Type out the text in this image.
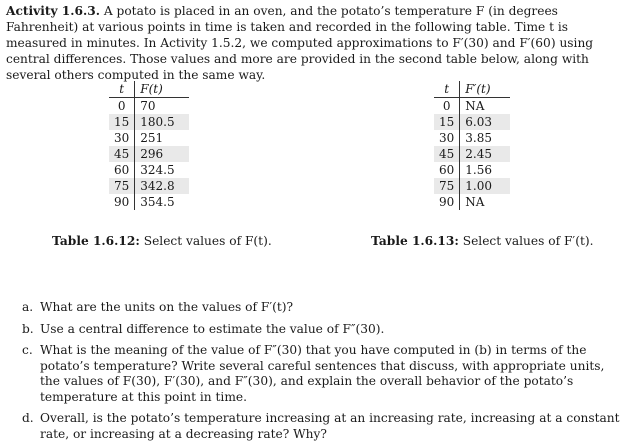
Activity 1.6.3. A potato is placed in an oven, and the potato’s temperature F (in degrees Fahrenheit) at various points in time is taken and recorded in the following table. Time t is measured in minutes. In Activity 1.5.2, we computed approximations to F′(30) and F′(60) using central differences. Those values and more are provided in the second table below, along with several others computed in the same way.
t	F(t)
0	70
15	180.5
30	251
45	296
60	324.5
75	342.8
90	354.5
t	F′(t)
0	NA
15	6.03
30	3.85
45	2.45
60	1.56
75	1.00
90	NA
Table 1.6.12: Select values of F(t).	Table 1.6.13: Select values of F′(t).
a. What are the units on the values of F′(t)?
b. Use a central difference to estimate the value of F″(30).
c. What is the meaning of the value of F″(30) that you have computed in (b) in terms of the potato’s temperature? Write several careful sentences that discuss, with appropriate units, the values of F(30), F′(30), and F″(30), and explain the overall behavior of the potato’s temperature at this point in time.
d. Overall, is the potato’s temperature increasing at an increasing rate, increasing at a constant rate, or increasing at a decreasing rate? Why?
